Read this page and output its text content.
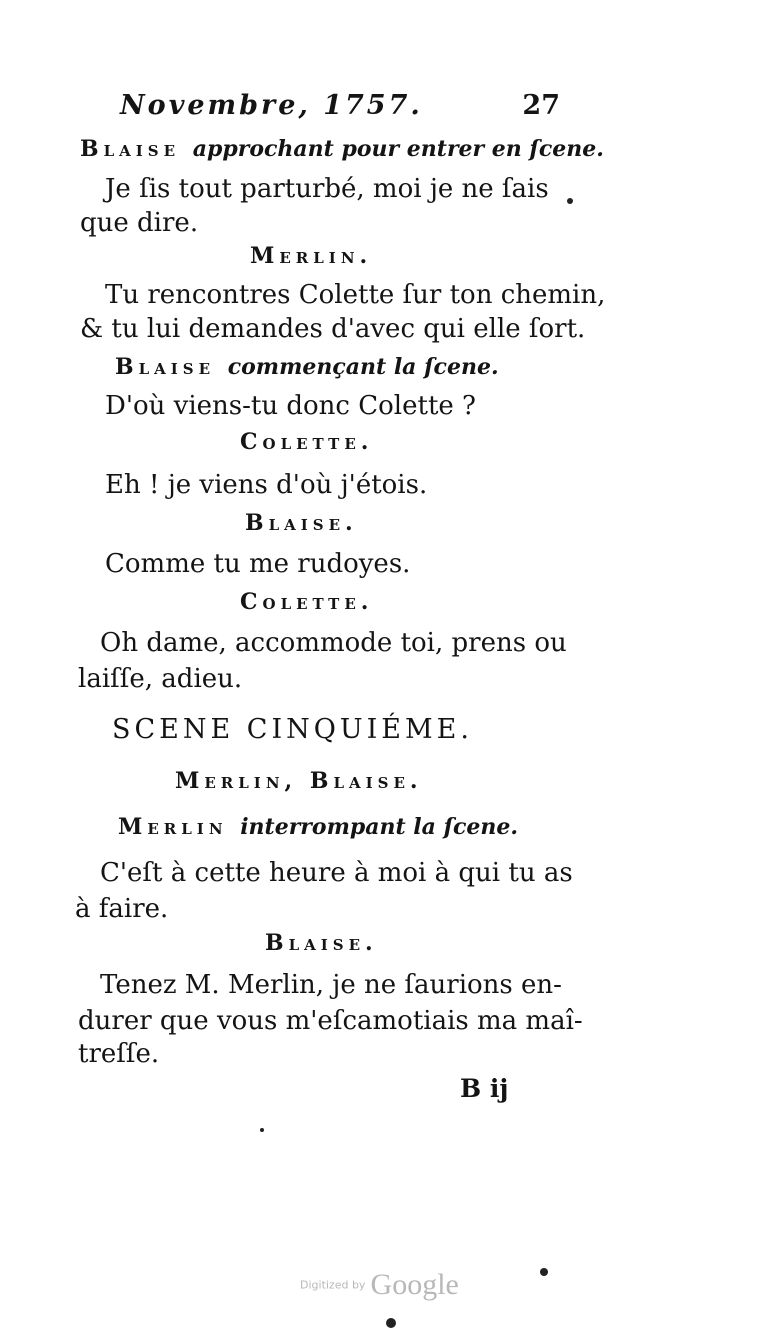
Novembre, 1757.	27
Blaise approchant pour entrer en ſcene.
Je ſis tout parturbé, moi je ne ſais
que dire.
Merlin.
Tu rencontres Colette ſur ton chemin,
& tu lui demandes d'avec qui elle ſort.
Blaise commençant la ſcene.
D'où viens-tu donc Colette ?
Colette.
Eh ! je viens d'où j'étois.
Blaise.
Comme tu me rudoyes.
Colette.
Oh dame, accommode toi, prens ou
laiſſe, adieu.
SCENE CINQUIÉME.
Merlin, Blaise.
Merlin interrompant la ſcene.
C'eſt à cette heure à moi à qui tu as
à faire.
Blaise.
Tenez M. Merlin, je ne ſaurions en-
durer que vous m'eſcamotiais ma maî-
treſſe.
B ij
Digitized by Google
